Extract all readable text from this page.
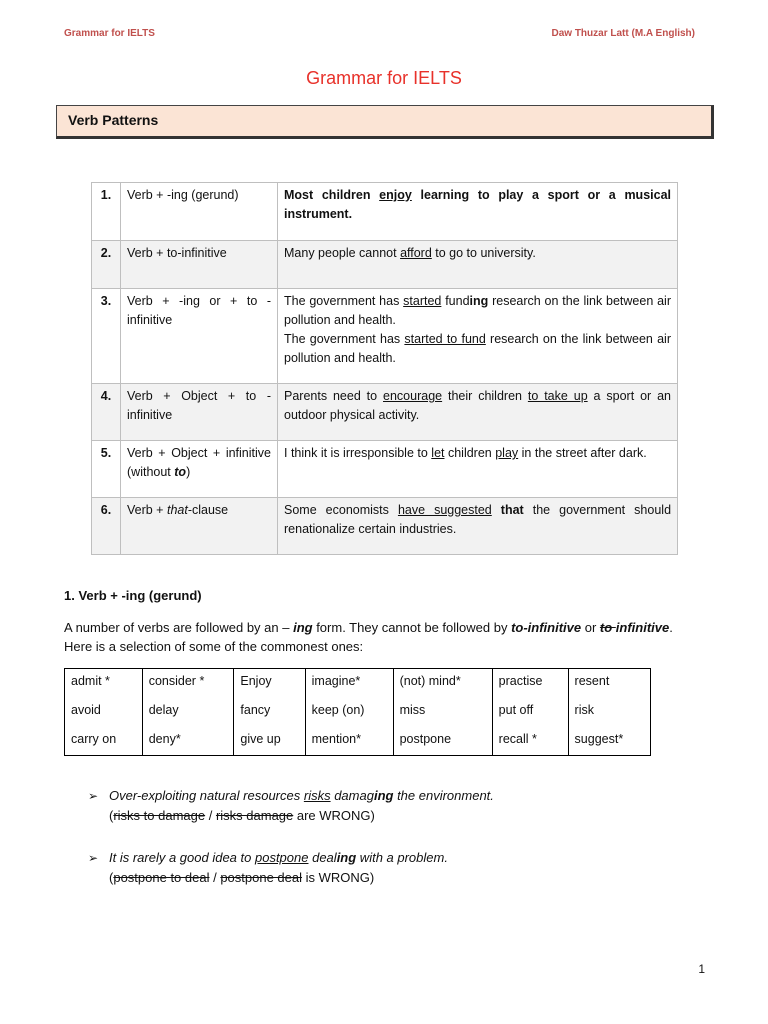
Grammar for IELTS	Daw Thuzar Latt (M.A English)
Grammar for IELTS
Verb Patterns
1.	Verb + -ing (gerund)	Most children enjoy learning to play a sport or a musical instrument.
2.	Verb + to-infinitive	Many people cannot afford to go to university.
3.	Verb + -ing or + to - infinitive	The government has started funding research on the link between air pollution and health.
The government has started to fund research on the link between air pollution and health.

4.	Verb + Object + to - infinitive	Parents need to encourage their children to take up a sport or an outdoor physical activity.
5.	Verb + Object + infinitive (without to)	I think it is irresponsible to let children play in the street after dark.
6.	Verb + that-clause	Some economists have suggested that the government should renationalize certain industries.
1. Verb + -ing (gerund)
A number of verbs are followed by an – ing form. They cannot be followed by to-infinitive or to infinitive.
Here is a selection of some of the commonest ones:
admit *	consider *	Enjoy	imagine*	(not) mind*	practise	resent
avoid	delay	fancy	keep (on)	miss	put off	risk
carry on	deny*	give up	mention*	postpone	recall *	suggest*
➢ Over-exploiting natural resources risks damaging the environment.
(risks to damage / risks damage are WRONG)
➢ It is rarely a good idea to postpone dealing with a problem.
(postpone to deal / postpone deal is WRONG)
1
